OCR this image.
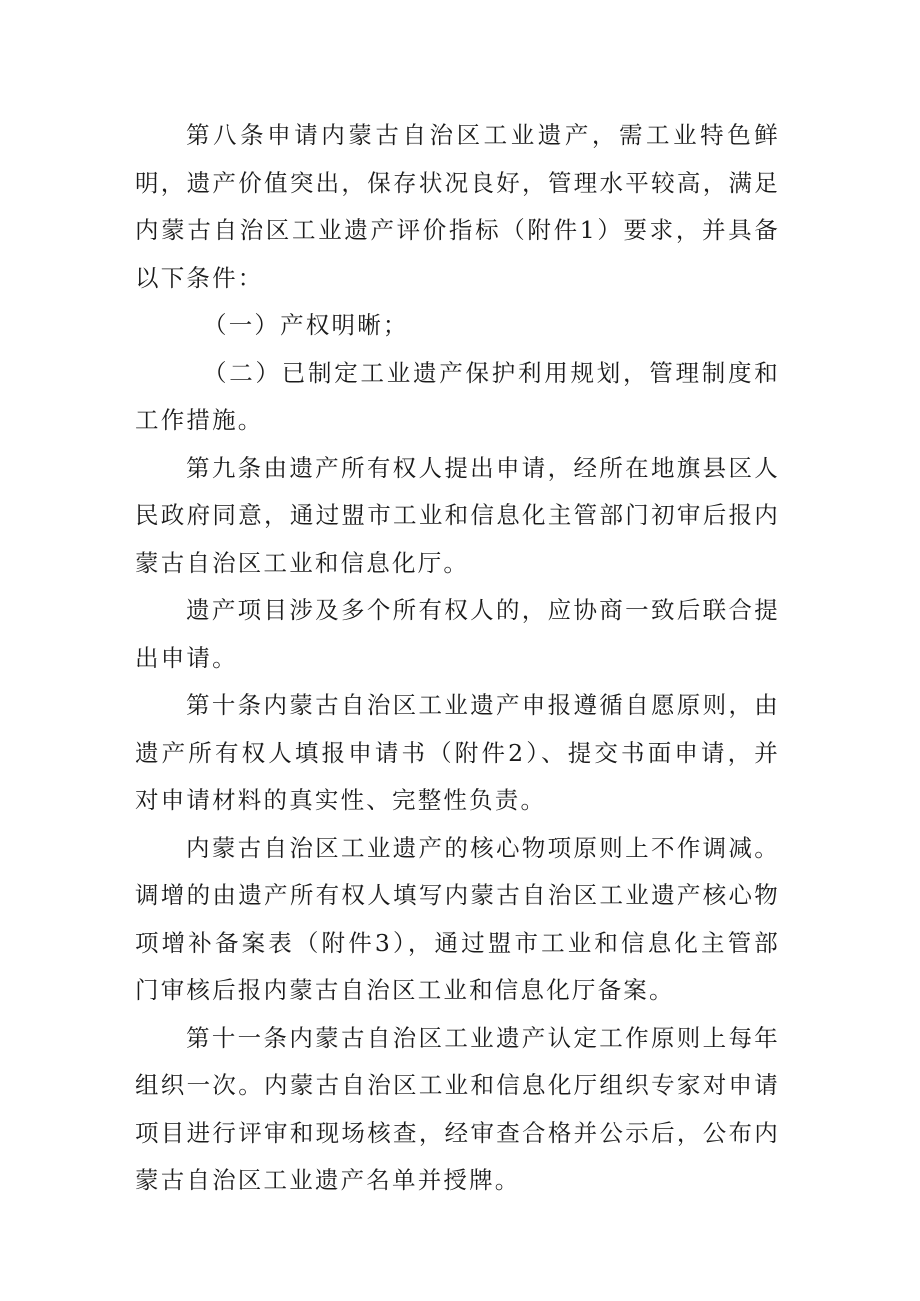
第八条申请内蒙古自治区工业遗产，需工业特色鲜明，遗产价值突出，保存状况良好，管理水平较高，满足内蒙古自治区工业遗产评价指标（附件1）要求，并具备以下条件：

（一）产权明晰；

（二）已制定工业遗产保护利用规划，管理制度和工作措施。

第九条由遗产所有权人提出申请，经所在地旗县区人民政府同意，通过盟市工业和信息化主管部门初审后报内蒙古自治区工业和信息化厅。

遗产项目涉及多个所有权人的，应协商一致后联合提出申请。

第十条内蒙古自治区工业遗产申报遵循自愿原则，由遗产所有权人填报申请书（附件2）、提交书面申请，并对申请材料的真实性、完整性负责。

内蒙古自治区工业遗产的核心物项原则上不作调减。调增的由遗产所有权人填写内蒙古自治区工业遗产核心物项增补备案表（附件3），通过盟市工业和信息化主管部门审核后报内蒙古自治区工业和信息化厅备案。

第十一条内蒙古自治区工业遗产认定工作原则上每年组织一次。内蒙古自治区工业和信息化厅组织专家对申请项目进行评审和现场核查，经审查合格并公示后，公布内蒙古自治区工业遗产名单并授牌。
